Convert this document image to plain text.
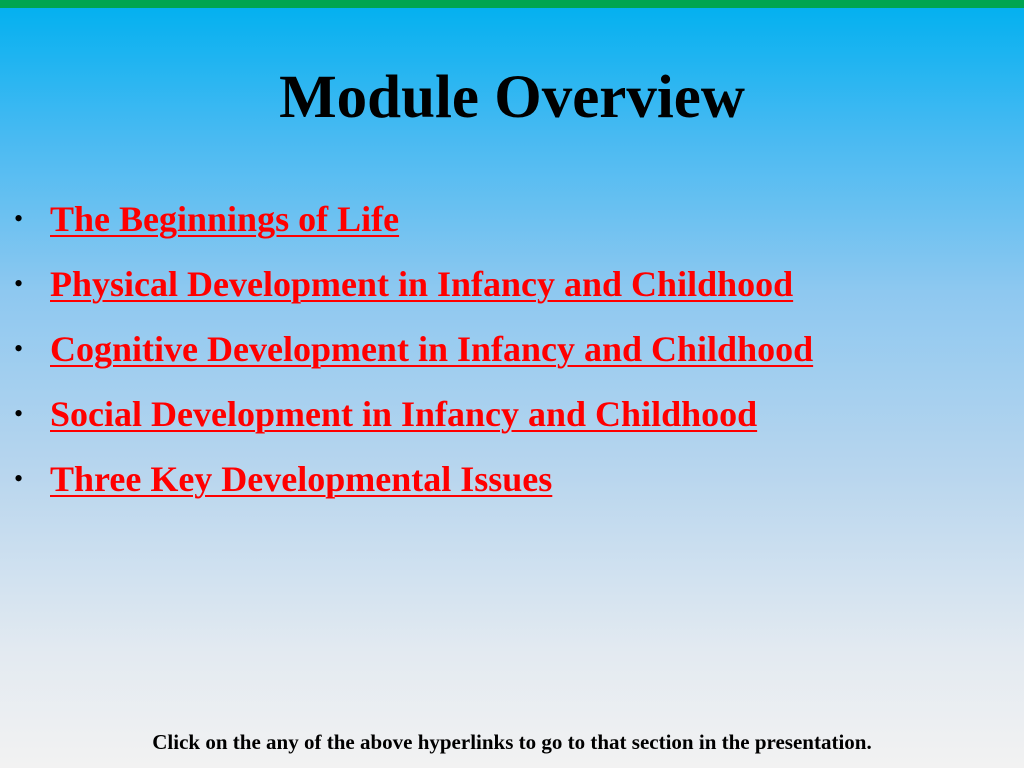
Module Overview
• The Beginnings of Life
• Physical Development in Infancy and Childhood
• Cognitive Development in Infancy and Childhood
• Social Development in Infancy and Childhood
• Three Key Developmental Issues

Click on the any of the above hyperlinks to go to that section in the presentation.
